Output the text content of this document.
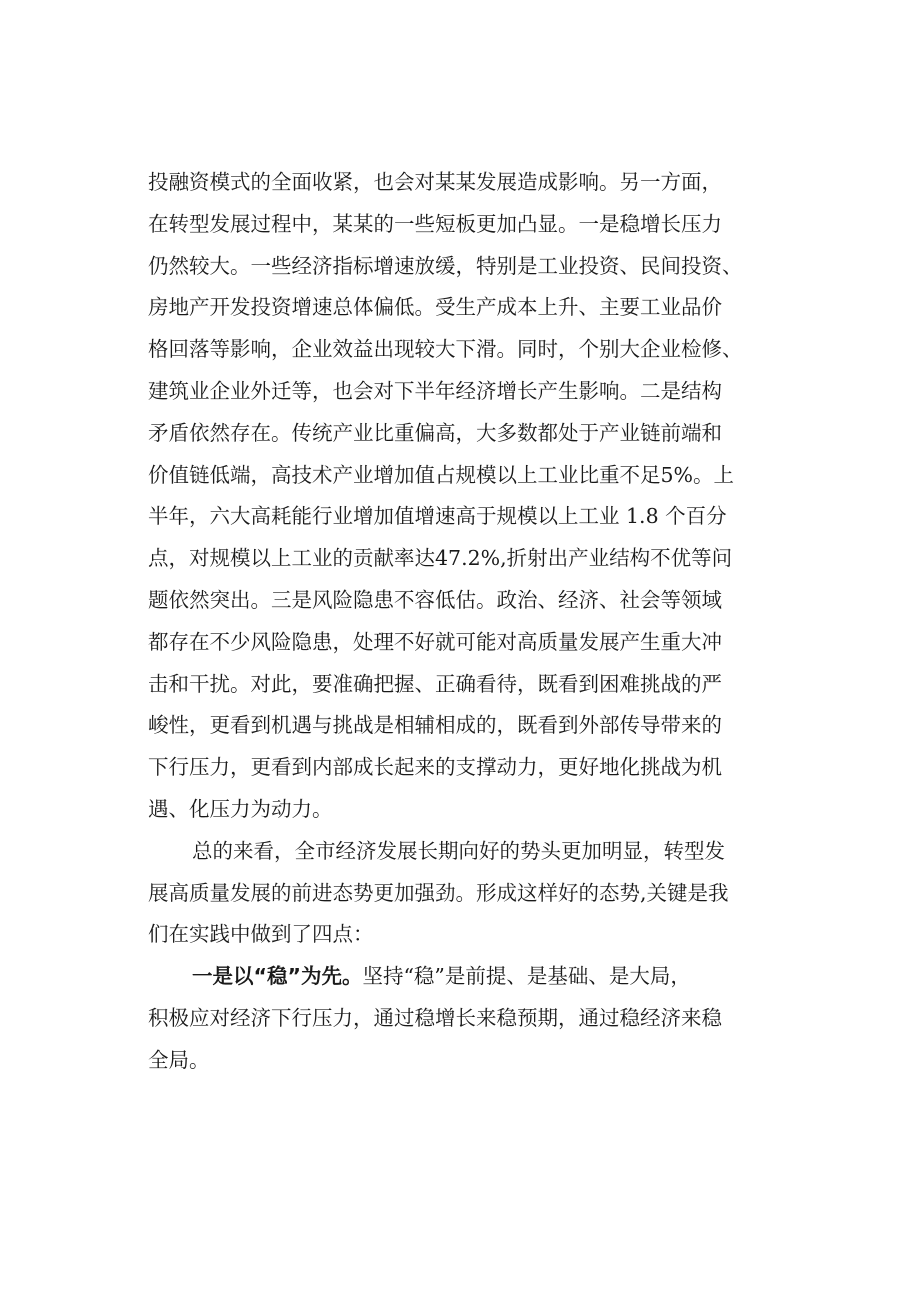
投融资模式的全面收紧，也会对某某发展造成影响。另一方面，
在转型发展过程中，某某的一些短板更加凸显。一是稳增长压力
仍然较大。一些经济指标增速放缓，特别是工业投资、民间投资、
房地产开发投资增速总体偏低。受生产成本上升、主要工业品价
格回落等影响，企业效益出现较大下滑。同时，个别大企业检修、
建筑业企业外迁等，也会对下半年经济增长产生影响。二是结构
矛盾依然存在。传统产业比重偏高，大多数都处于产业链前端和
价值链低端，高技术产业增加值占规模以上工业比重不足5%。上
半年，六大高耗能行业增加值增速高于规模以上工业 1.8 个百分
点，对规模以上工业的贡献率达47.2%,折射出产业结构不优等问
题依然突出。三是风险隐患不容低估。政治、经济、社会等领域
都存在不少风险隐患，处理不好就可能对高质量发展产生重大冲
击和干扰。对此，要准确把握、正确看待，既看到困难挑战的严
峻性，更看到机遇与挑战是相辅相成的，既看到外部传导带来的
下行压力，更看到内部成长起来的支撑动力，更好地化挑战为机
遇、化压力为动力。
总的来看，全市经济发展长期向好的势头更加明显，转型发
展高质量发展的前进态势更加强劲。形成这样好的态势,关键是我
们在实践中做到了四点：
一是以“稳”为先。坚持“稳”是前提、是基础、是大局，
积极应对经济下行压力，通过稳增长来稳预期，通过稳经济来稳
全局。
